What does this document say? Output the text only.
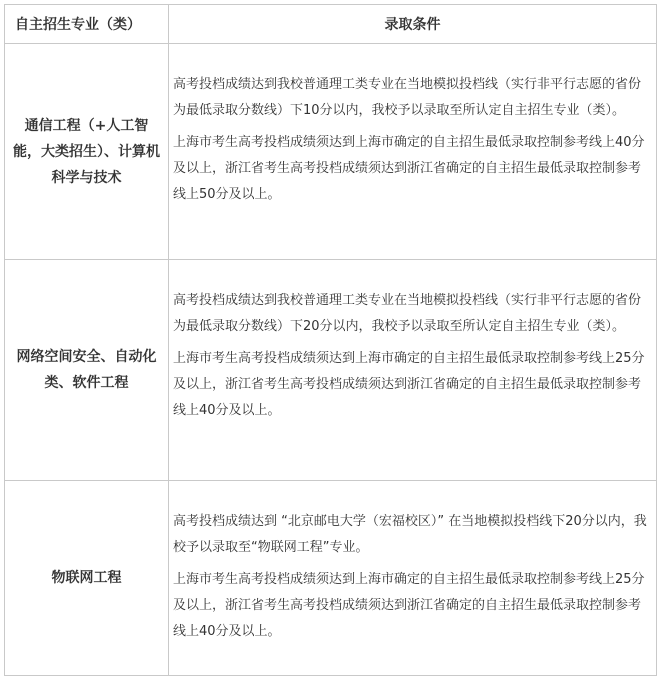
自主招生专业（类）	录取条件
通信工程（+人工智能，大类招生）、计算机科学与技术	高考投档成绩达到我校普通理工类专业在当地模拟投档线（实行非平行志愿的省份为最低录取分数线）下10分以内，我校予以录取至所认定自主招生专业（类）。

上海市考生高考投档成绩须达到上海市确定的自主招生最低录取控制参考线上40分及以上，浙江省考生高考投档成绩须达到浙江省确定的自主招生最低录取控制参考线上50分及以上。

网络空间安全、自动化类、软件工程	高考投档成绩达到我校普通理工类专业在当地模拟投档线（实行非平行志愿的省份为最低录取分数线）下20分以内，我校予以录取至所认定自主招生专业（类）。

上海市考生高考投档成绩须达到上海市确定的自主招生最低录取控制参考线上25分及以上，浙江省考生高考投档成绩须达到浙江省确定的自主招生最低录取控制参考线上40分及以上。

物联网工程	高考投档成绩达到 “北京邮电大学（宏福校区）” 在当地模拟投档线下20分以内，我校予以录取至“物联网工程”专业。

上海市考生高考投档成绩须达到上海市确定的自主招生最低录取控制参考线上25分及以上，浙江省考生高考投档成绩须达到浙江省确定的自主招生最低录取控制参考线上40分及以上。
